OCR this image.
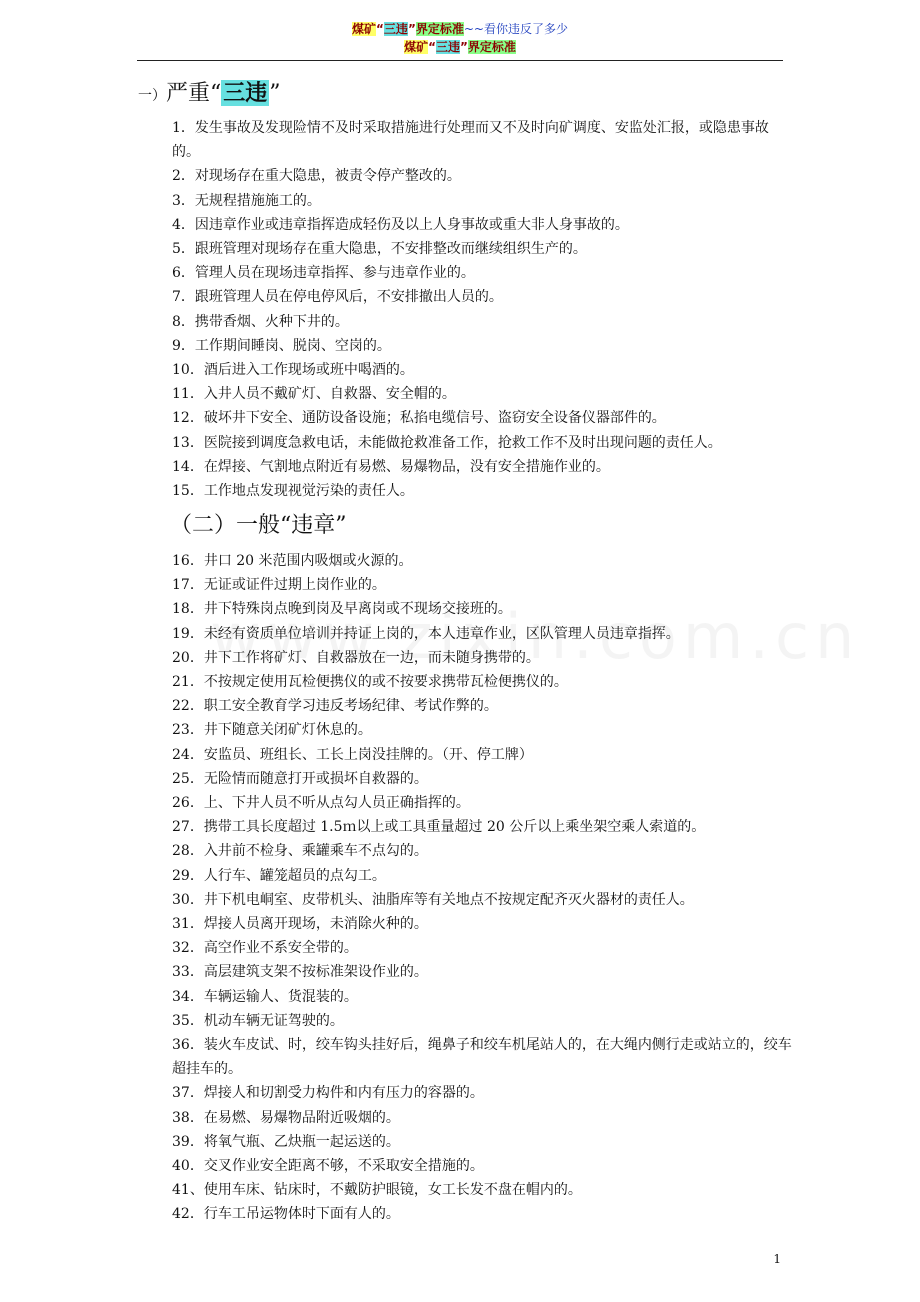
煤矿“三违”界定标准~~看你违反了多少
煤矿“三违”界定标准
一）严重“三违”
1．发生事故及发现险情不及时采取措施进行处理而又不及时向矿调度、安监处汇报，或隐患事故的。
2．对现场存在重大隐患，被责令停产整改的。
3．无规程措施施工的。
4．因违章作业或违章指挥造成轻伤及以上人身事故或重大非人身事故的。
5．跟班管理对现场存在重大隐患，不安排整改而继续组织生产的。
6．管理人员在现场违章指挥、参与违章作业的。
7．跟班管理人员在停电停风后，不安排撤出人员的。
8．携带香烟、火种下井的。
9．工作期间睡岗、脱岗、空岗的。
10．酒后进入工作现场或班中喝酒的。
11．入井人员不戴矿灯、自救器、安全帽的。
12．破坏井下安全、通防设备设施；私掐电缆信号、盗窃安全设备仪器部件的。
13．医院接到调度急救电话，未能做抢救准备工作，抢救工作不及时出现问题的责任人。
14．在焊接、气割地点附近有易燃、易爆物品，没有安全措施作业的。
15．工作地点发现视觉污染的责任人。
（二）一般“违章”
16．井口 20 米范围内吸烟或火源的。
17．无证或证件过期上岗作业的。
18．井下特殊岗点晚到岗及早离岗或不现场交接班的。
19．未经有资质单位培训并持证上岗的，本人违章作业，区队管理人员违章指挥。
20．井下工作将矿灯、自救器放在一边，而未随身携带的。
21．不按规定使用瓦检便携仪的或不按要求携带瓦检便携仪的。
22．职工安全教育学习违反考场纪律、考试作弊的。
23．井下随意关闭矿灯休息的。
24．安监员、班组长、工长上岗没挂牌的。（开、停工牌）
25．无险情而随意打开或损坏自救器的。
26．上、下井人员不听从点勾人员正确指挥的。
27．携带工具长度超过 1.5ｍ以上或工具重量超过 20 公斤以上乘坐架空乘人索道的。
28．入井前不检身、乘罐乘车不点勾的。
29．人行车、罐笼超员的点勾工。
30．井下机电峒室、皮带机头、油脂库等有关地点不按规定配齐灭火器材的责任人。
31．焊接人员离开现场，未消除火种的。
32．高空作业不系安全带的。
33．高层建筑支架不按标准架设作业的。
34．车辆运输人、货混装的。
35．机动车辆无证驾驶的。
36．装火车皮试、时，绞车钩头挂好后，绳鼻子和绞车机尾站人的，在大绳内侧行走或站立的，绞车超挂车的。
37．焊接人和切割受力构件和内有压力的容器的。
38．在易燃、易爆物品附近吸烟的。
39．将氧气瓶、乙炔瓶一起运送的。
40．交叉作业安全距离不够，不采取安全措施的。
41、使用车床、钻床时，不戴防护眼镜，女工长发不盘在帽内的。
42．行车工吊运物体时下面有人的。
1
